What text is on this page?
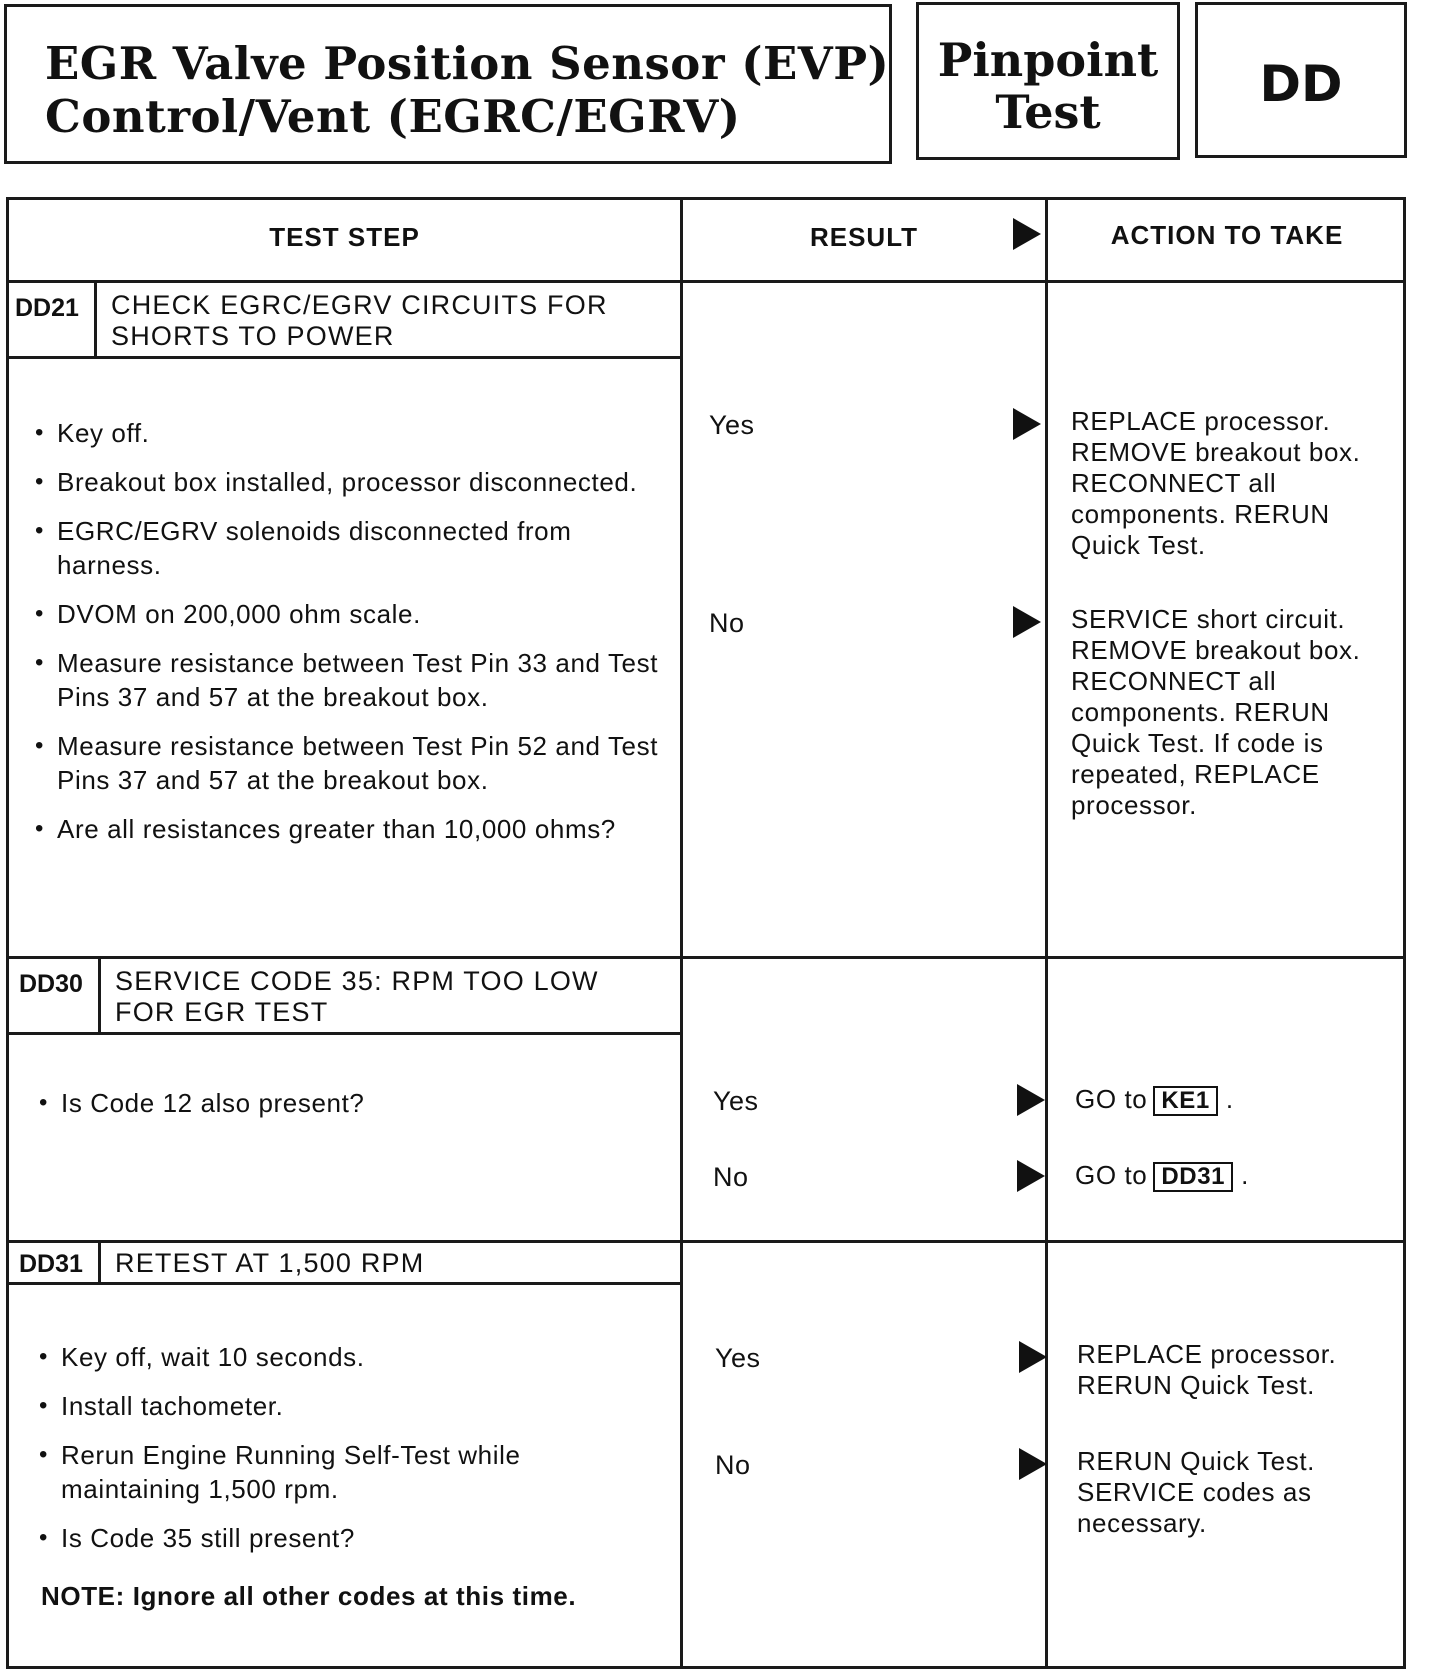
EGR Valve Position Sensor (EVP)
Control/Vent (EGRC/EGRV)
Pinpoint
Test	DD
TEST STEP	RESULT	ACTION TO TAKE
DD21 CHECK EGRC/EGRV CIRCUITS FOR SHORTS TO POWER
• Key off.
• Breakout box installed, processor disconnected.
• EGRC/EGRV solenoids disconnected from harness.
• DVOM on 200,000 ohm scale.
• Measure resistance between Test Pin 33 and Test Pins 37 and 57 at the breakout box.
• Measure resistance between Test Pin 52 and Test Pins 37 and 57 at the breakout box.
• Are all resistances greater than 10,000 ohms?
Yes	REPLACE processor. REMOVE breakout box. RECONNECT all components. RERUN Quick Test.
No	SERVICE short circuit. REMOVE breakout box. RECONNECT all components. RERUN Quick Test. If code is repeated, REPLACE processor.
DD30 SERVICE CODE 35: RPM TOO LOW FOR EGR TEST
• Is Code 12 also present?	Yes	GO to KE1 .
No	GO to DD31 .
DD31 RETEST AT 1,500 RPM
• Key off, wait 10 seconds.
• Install tachometer.
• Rerun Engine Running Self-Test while maintaining 1,500 rpm.
• Is Code 35 still present?
NOTE: Ignore all other codes at this time.
Yes	REPLACE processor. RERUN Quick Test.
No	RERUN Quick Test. SERVICE codes as necessary.
